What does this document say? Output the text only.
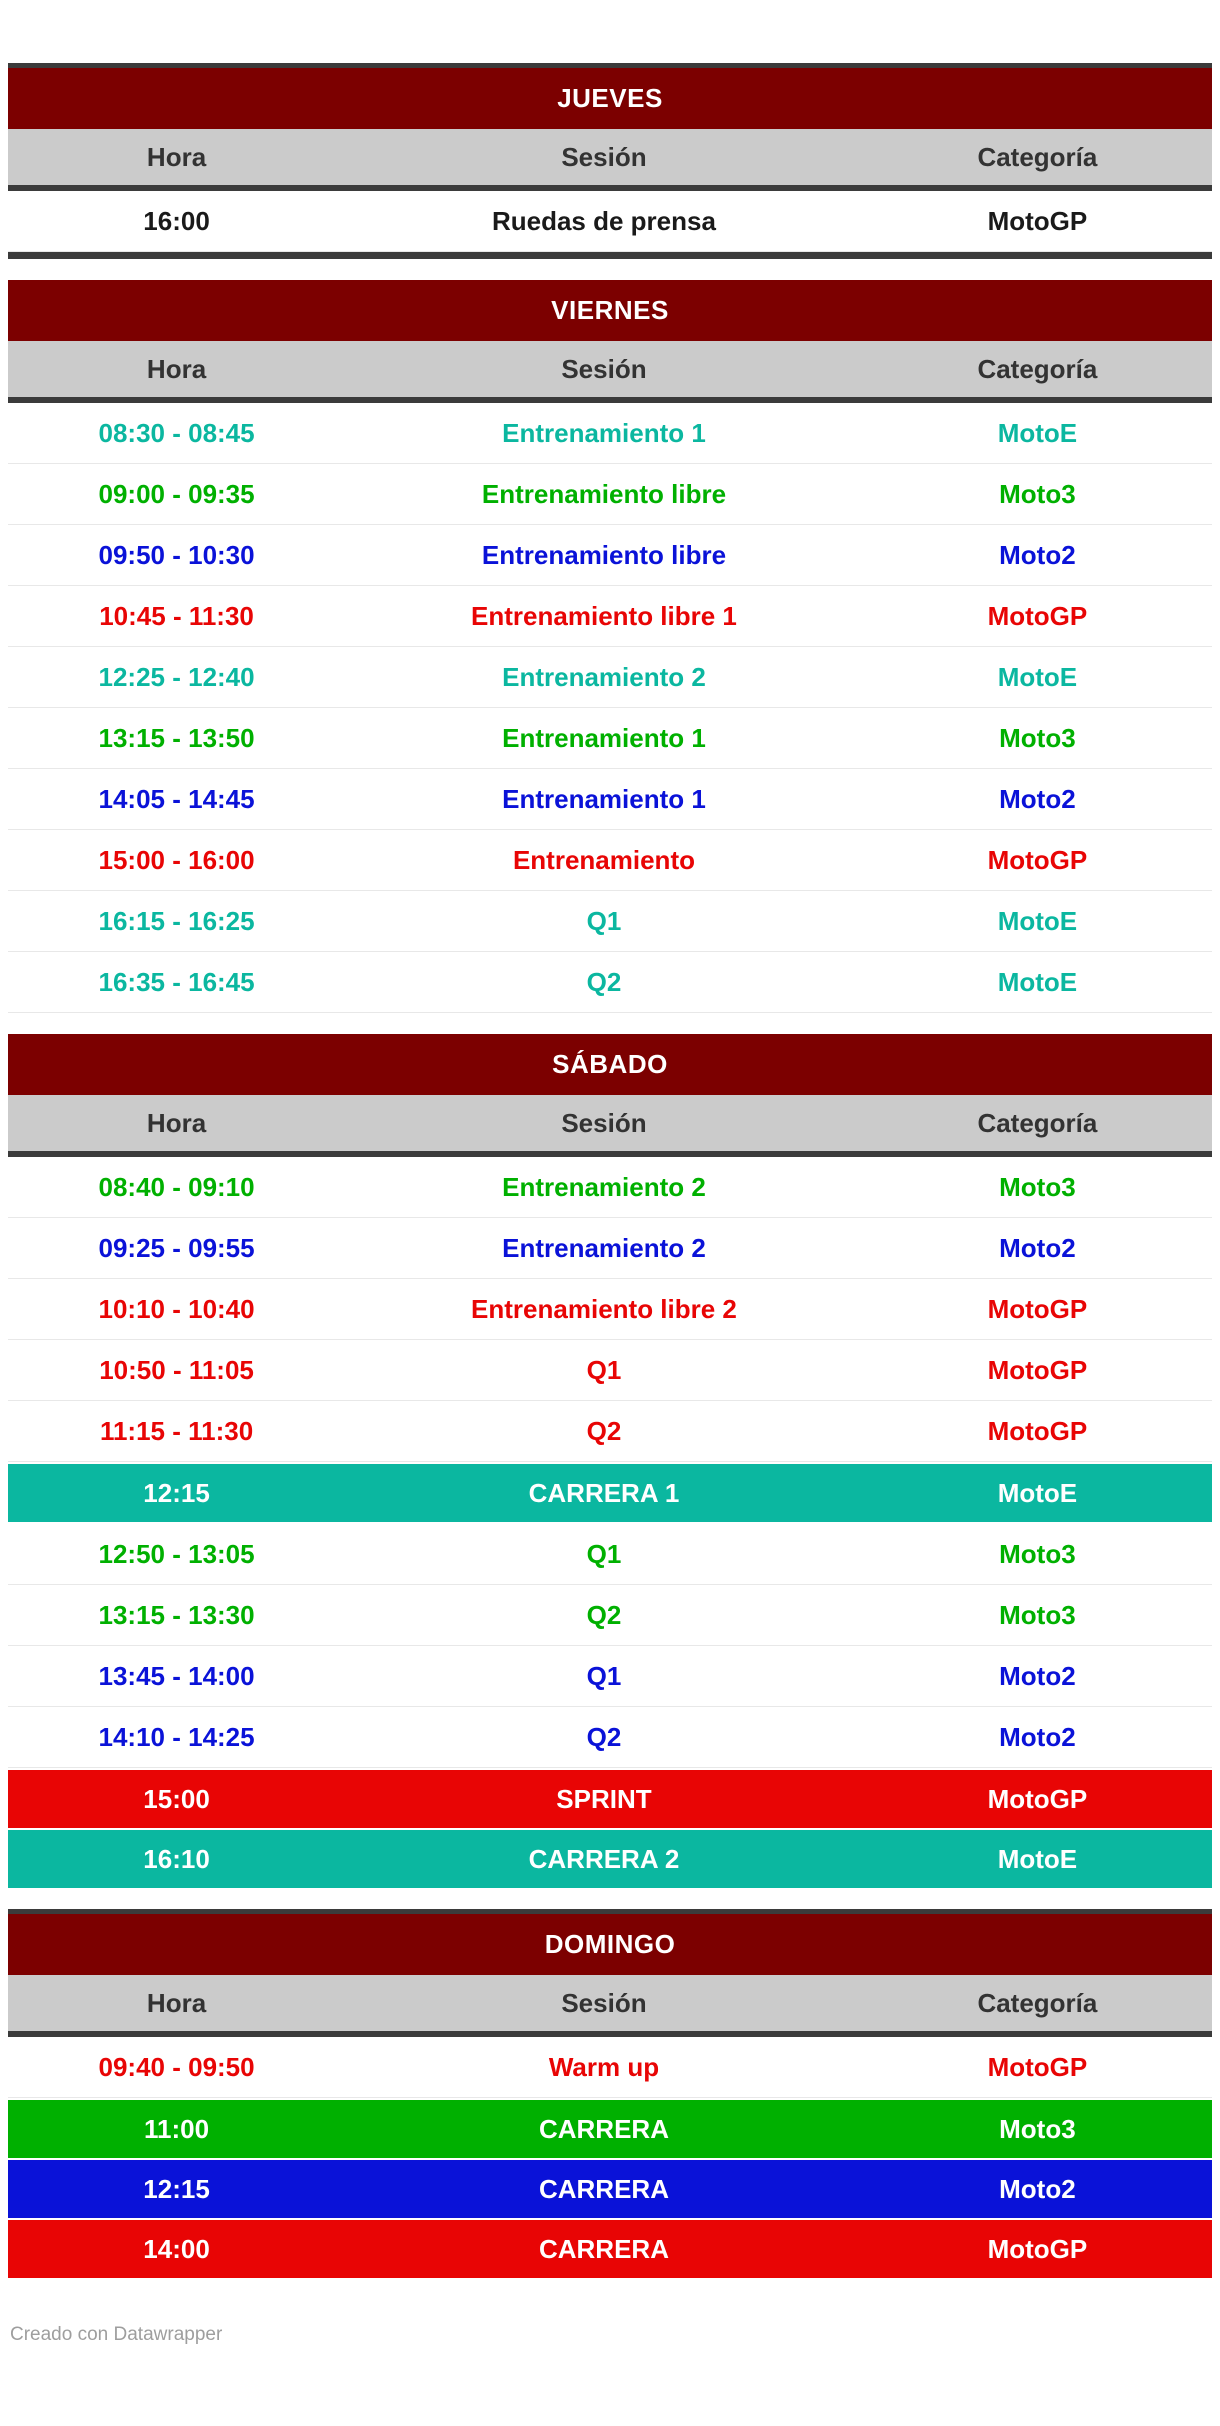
JUEVES
Hora	Sesión	Categoría
16:00	Ruedas de prensa	MotoGP
VIERNES
Hora	Sesión	Categoría
08:30 - 08:45	Entrenamiento 1	MotoE
09:00 - 09:35	Entrenamiento libre	Moto3
09:50 - 10:30	Entrenamiento libre	Moto2
10:45 - 11:30	Entrenamiento libre 1	MotoGP
12:25 - 12:40	Entrenamiento 2	MotoE
13:15 - 13:50	Entrenamiento 1	Moto3
14:05 - 14:45	Entrenamiento 1	Moto2
15:00 - 16:00	Entrenamiento	MotoGP
16:15 - 16:25	Q1	MotoE
16:35 - 16:45	Q2	MotoE
SÁBADO
Hora	Sesión	Categoría
08:40 - 09:10	Entrenamiento 2	Moto3
09:25 - 09:55	Entrenamiento 2	Moto2
10:10 - 10:40	Entrenamiento libre 2	MotoGP
10:50 - 11:05	Q1	MotoGP
11:15 - 11:30	Q2	MotoGP
12:15	CARRERA 1	MotoE
12:50 - 13:05	Q1	Moto3
13:15 - 13:30	Q2	Moto3
13:45 - 14:00	Q1	Moto2
14:10 - 14:25	Q2	Moto2
15:00	SPRINT	MotoGP
16:10	CARRERA 2	MotoE
DOMINGO
Hora	Sesión	Categoría
09:40 - 09:50	Warm up	MotoGP
11:00	CARRERA	Moto3
12:15	CARRERA	Moto2
14:00	CARRERA	MotoGP
Creado con Datawrapper
